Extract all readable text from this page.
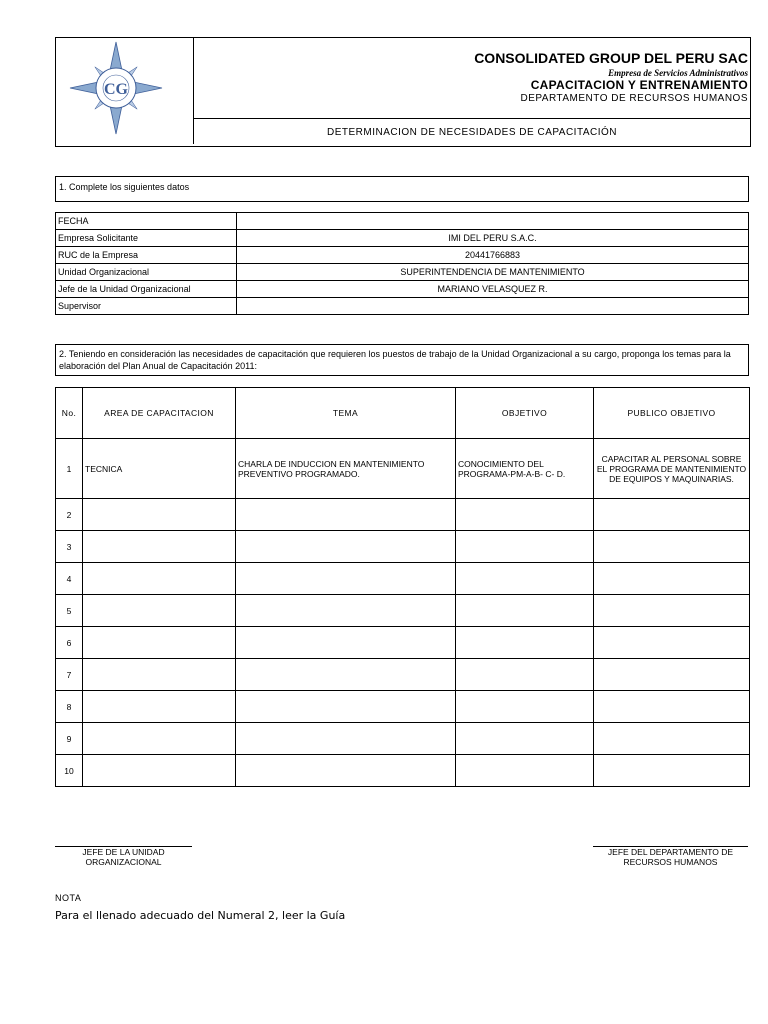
CG
CONSOLIDATED GROUP DEL PERU SAC
Empresa de Servicios Administrativos
CAPACITACION Y ENTRENAMIENTO
DEPARTAMENTO DE RECURSOS HUMANOS
DETERMINACION DE NECESIDADES DE CAPACITACIÓN
1. Complete los siguientes datos
FECHA	
Empresa Solicitante	IMI DEL PERU S.A.C.
RUC de la Empresa	20441766883
Unidad Organizacional	SUPERINTENDENCIA DE MANTENIMIENTO
Jefe de la Unidad Organizacional	MARIANO VELASQUEZ R.
Supervisor	
2. Teniendo en consideración las necesidades de capacitación que requieren los puestos de trabajo de la Unidad Organizacional a su cargo, proponga los temas para la elaboración del Plan Anual de Capacitación 2011:
No.	AREA DE CAPACITACION	TEMA	OBJETIVO	PUBLICO OBJETIVO
1	TECNICA	CHARLA DE INDUCCION EN MANTENIMIENTO PREVENTIVO PROGRAMADO.	CONOCIMIENTO DEL PROGRAMA-PM-A-B- C- D.	CAPACITAR AL PERSONAL SOBRE EL PROGRAMA DE MANTENIMIENTO DE EQUIPOS Y MAQUINARIAS.
2				
3				
4				
5				
6				
7				
8				
9				
10				
JEFE DE LA UNIDAD
ORGANIZACIONAL
JEFE DEL DEPARTAMENTO DE
RECURSOS HUMANOS
NOTA
Para el llenado adecuado del Numeral 2, leer la Guía
